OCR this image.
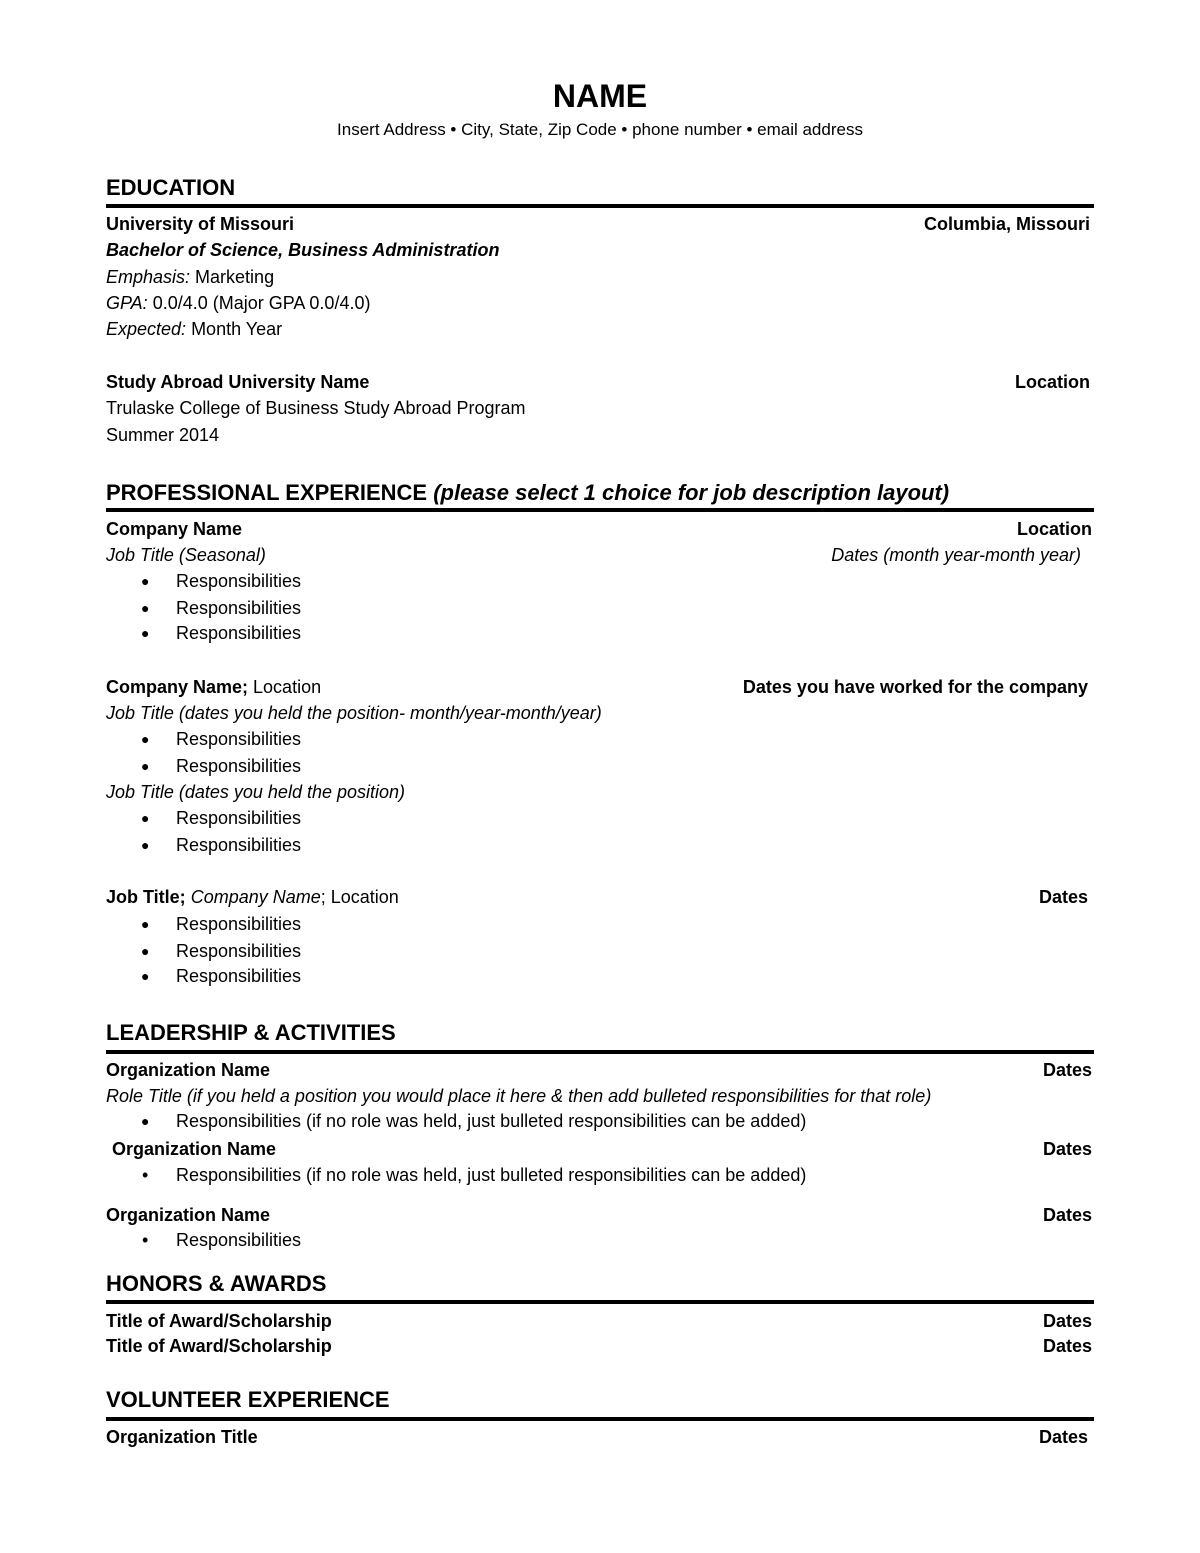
NAME
Insert Address • City, State, Zip Code • phone number • email address
EDUCATION
University of Missouri	Columbia, Missouri
Bachelor of Science, Business Administration
Emphasis: Marketing
GPA: 0.0/4.0 (Major GPA 0.0/4.0)
Expected: Month Year
Study Abroad University Name	Location
Trulaske College of Business Study Abroad Program
Summer 2014
PROFESSIONAL EXPERIENCE (please select 1 choice for job description layout)
Company Name	Location
Job Title (Seasonal)	Dates (month year-month year)
● Responsibilities
● Responsibilities
● Responsibilities
Company Name; Location	Dates you have worked for the company
Job Title (dates you held the position- month/year-month/year)
● Responsibilities
● Responsibilities
Job Title (dates you held the position)
● Responsibilities
● Responsibilities
Job Title; Company Name; Location	Dates
● Responsibilities
● Responsibilities
● Responsibilities
LEADERSHIP & ACTIVITIES
Organization Name	Dates
Role Title (if you held a position you would place it here & then add bulleted responsibilities for that role)
● Responsibilities (if no role was held, just bulleted responsibilities can be added)
Organization Name	Dates
• Responsibilities (if no role was held, just bulleted responsibilities can be added)
Organization Name	Dates
• Responsibilities
HONORS & AWARDS
Title of Award/Scholarship	Dates
Title of Award/Scholarship	Dates
VOLUNTEER EXPERIENCE
Organization Title	Dates
